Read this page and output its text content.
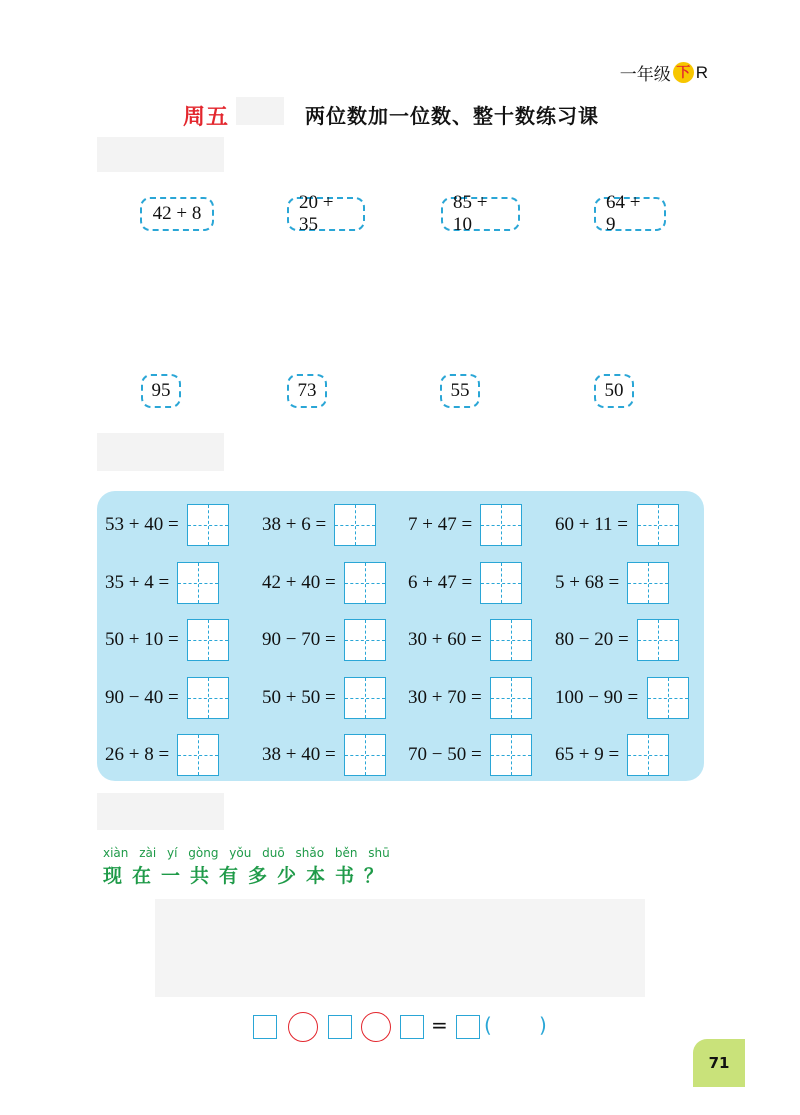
一年级 下 R
周五	两位数加一位数、整十数练习课
42 + 8
20 + 35
85 + 10
64 + 9
95	73	55	50
53 + 40 =	38 + 6 =	7 + 47 =	60 + 11 =
35 + 4 =	42 + 40 =	6 + 47 =	5 + 68 =
50 + 10 =	90 − 70 =	30 + 60 =	80 − 20 =
90 − 40 =	50 + 50 =	30 + 70 =	100 − 90 =
26 + 8 =	38 + 40 =	70 − 50 =	65 + 9 =
xiàn zài yí gòng yǒu duō shǎo běn shū
现在一共有多少本书？
= ( )
71
